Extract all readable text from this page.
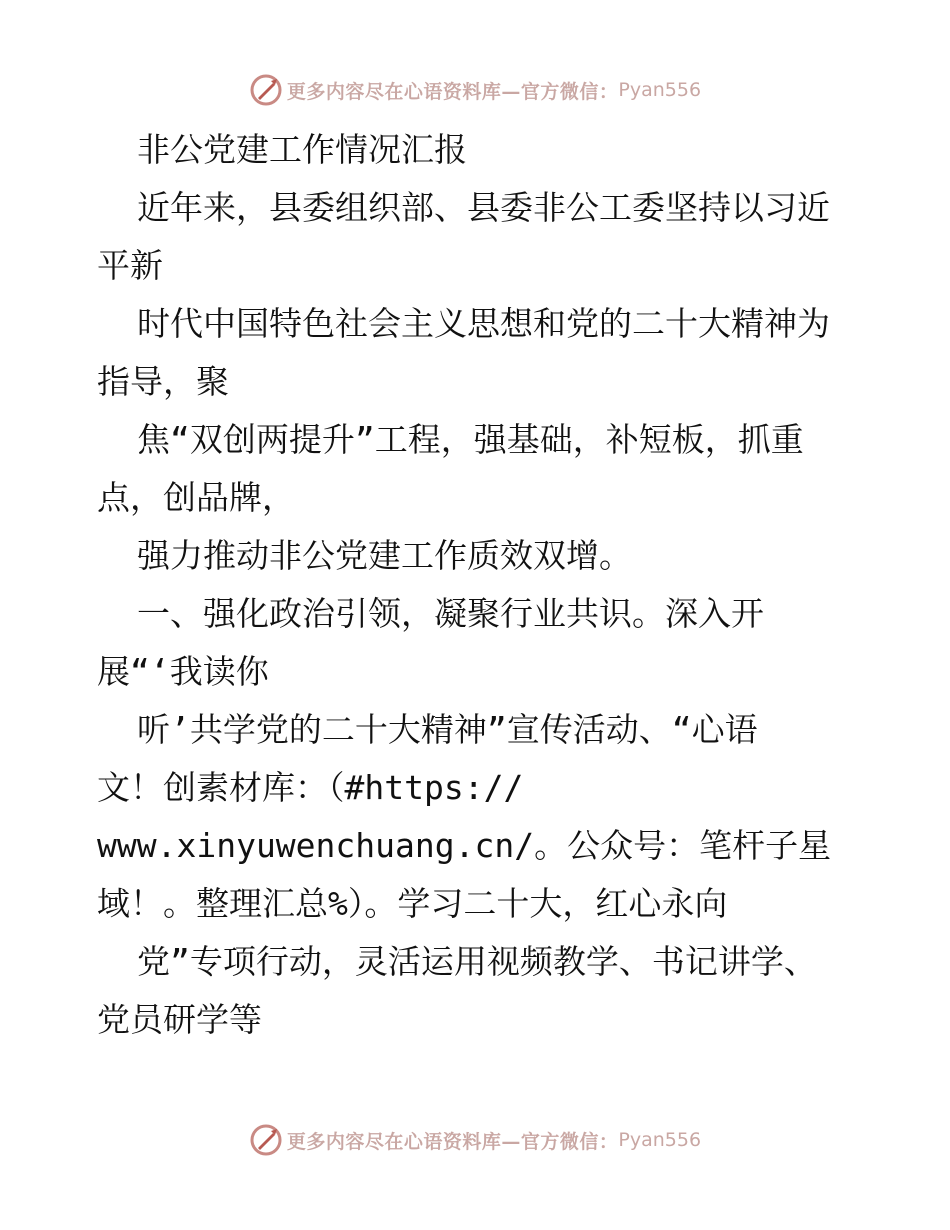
更多内容尽在心语资料库—官方微信： Pyan556
非公党建工作情况汇报
近年来，县委组织部、县委非公工委坚持以习近
平新
时代中国特色社会主义思想和党的二十大精神为
指导，聚
焦“双创两提升”工程，强基础，补短板，抓重
点，创品牌，
强力推动非公党建工作质效双增。
一、强化政治引领，凝聚行业共识。深入开
展“‘我读你
听’共学党的二十大精神”宣传活动、“心语
文！创素材库：（#https://
www.xinyuwenchuang.cn/。公众号：笔杆子星
域！。整理汇总%）。学习二十大，红心永向
党”专项行动，灵活运用视频教学、书记讲学、
党员研学等
更多内容尽在心语资料库—官方微信： Pyan556
